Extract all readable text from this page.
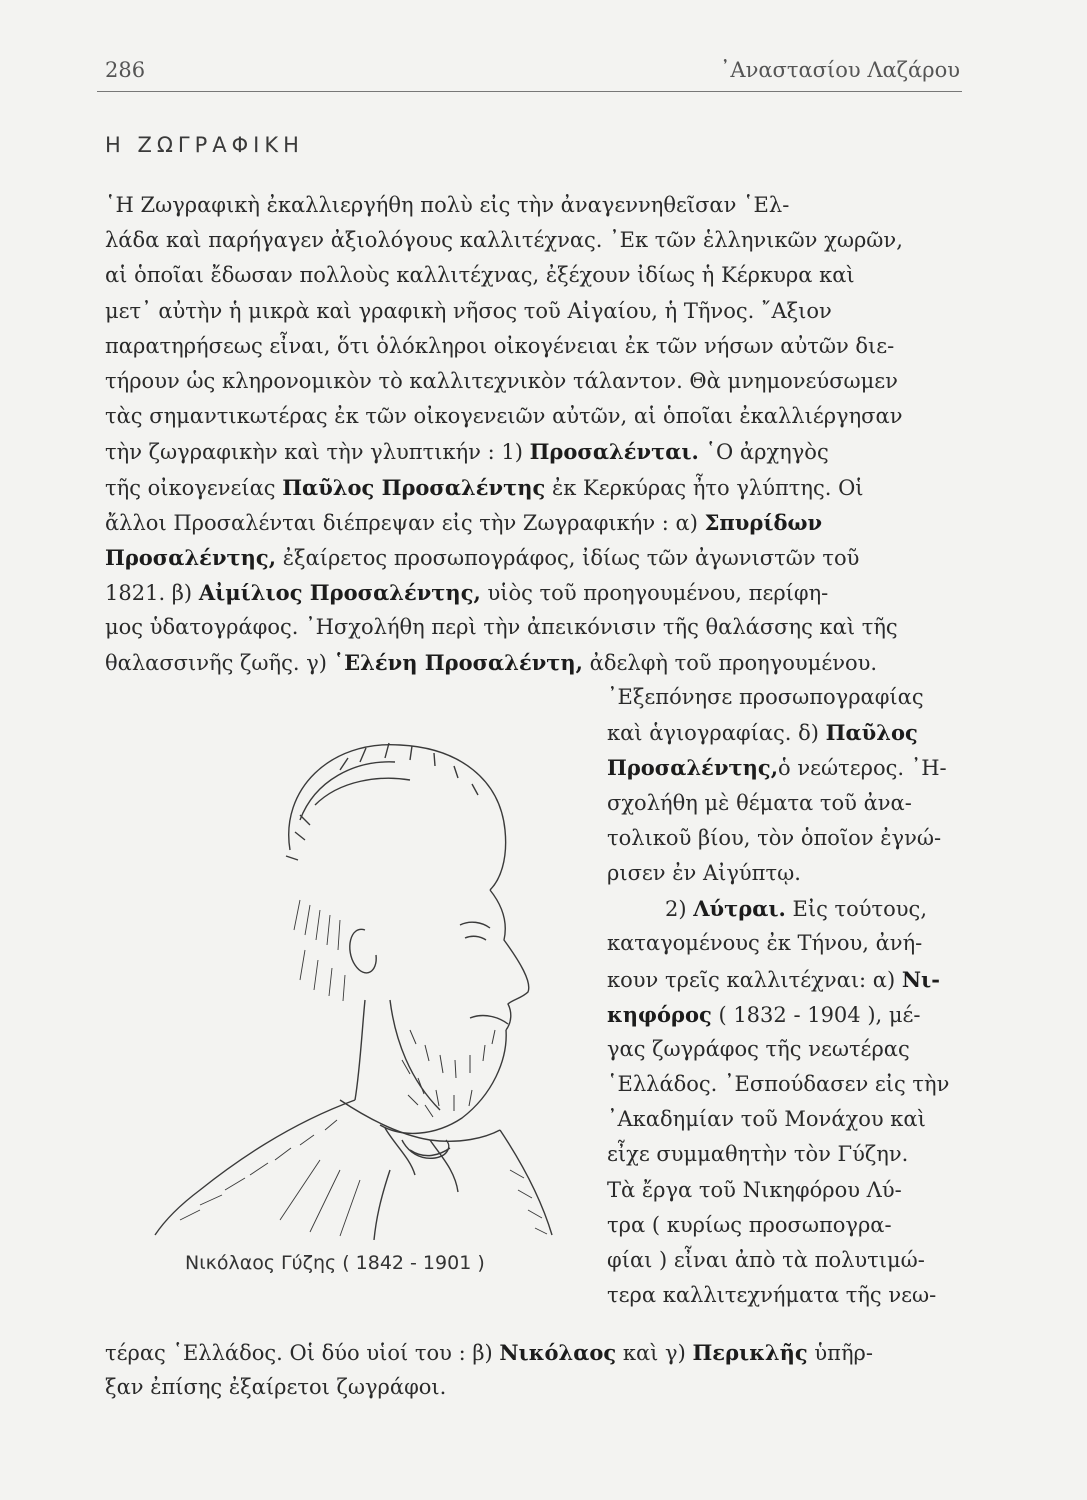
286	᾽Αναστασίου Λαζάρου
Η ΖΩΓΡΑΦΙΚΗ
῾Η Ζωγραφικὴ ἐκαλλιεργήθη πολὺ εἰς τὴν ἀναγεννηθεῖσαν ῾Ελ-
λάδα καὶ παρήγαγεν ἀξιολόγους καλλιτέχνας. ᾽Εκ τῶν ἑλληνικῶν χωρῶν,
αἱ ὁποῖαι ἔδωσαν πολλοὺς καλλιτέχνας, ἐξέχουν ἰδίως ἡ Κέρκυρα καὶ
μετ᾽ αὐτὴν ἡ μικρὰ καὶ γραφικὴ νῆσος τοῦ Αἰγαίου, ἡ Τῆνος. ῎Αξιον
παρατηρήσεως εἶναι, ὅτι ὁλόκληροι οἰκογένειαι ἐκ τῶν νήσων αὐτῶν διε-
τήρουν ὡς κληρονομικὸν τὸ καλλιτεχνικὸν τάλαντον. Θὰ μνημονεύσωμεν
τὰς σημαντικωτέρας ἐκ τῶν οἰκογενειῶν αὐτῶν, αἱ ὁποῖαι ἐκαλλιέργησαν
τὴν ζωγραφικὴν καὶ τὴν γλυπτικήν : 1) Προσαλένται. ῾Ο ἀρχηγὸς
τῆς οἰκογενείας Παῦλος Προσαλέντης ἐκ Κερκύρας ἦτο γλύπτης. Οἱ
ἄλλοι Προσαλένται διέπρεψαν εἰς τὴν Ζωγραφικήν : α) Σπυρίδων
Προσαλέντης, ἐξαίρετος προσωπογράφος, ἰδίως τῶν ἀγωνιστῶν τοῦ
1821. β) Αἰμίλιος Προσαλέντης, υἱὸς τοῦ προηγουμένου, περίφη-
μος ὑδατογράφος. ᾽Ησχολήθη περὶ τὴν ἀπεικόνισιν τῆς θαλάσσης καὶ τῆς
θαλασσινῆς ζωῆς. γ) ῾Ελένη Προσαλέντη, ἀδελφὴ τοῦ προηγουμένου.
Νικόλαος Γύζης ( 1842 - 1901 )
᾽Εξεπόνησε προσωπογραφίας
καὶ ἁγιογραφίας. δ) Παῦλος
Προσαλέντης,ὁ νεώτερος. ᾽Η-
σχολήθη μὲ θέματα τοῦ ἀνα-
τολικοῦ βίου, τὸν ὁποῖον ἐγνώ-
ρισεν ἐν Αἰγύπτῳ.
2) Λύτραι. Εἰς τούτους,
καταγομένους ἐκ Τήνου, ἀνή-
κουν τρεῖς καλλιτέχναι: α) Νι-
κηφόρος ( 1832 - 1904 ), μέ-
γας ζωγράφος τῆς νεωτέρας
῾Ελλάδος. ᾽Εσπούδασεν εἰς τὴν
᾽Ακαδημίαν τοῦ Μονάχου καὶ
εἶχε συμμαθητὴν τὸν Γύζην.
Τὰ ἔργα τοῦ Νικηφόρου Λύ-
τρα ( κυρίως προσωπογρα-
φίαι ) εἶναι ἀπὸ τὰ πολυτιμώ-
τερα καλλιτεχνήματα τῆς νεω-
τέρας ῾Ελλάδος. Οἱ δύο υἱοί του : β) Νικόλαος καὶ γ) Περικλῆς ὑπῆρ-
ξαν ἐπίσης ἐξαίρετοι ζωγράφοι.
